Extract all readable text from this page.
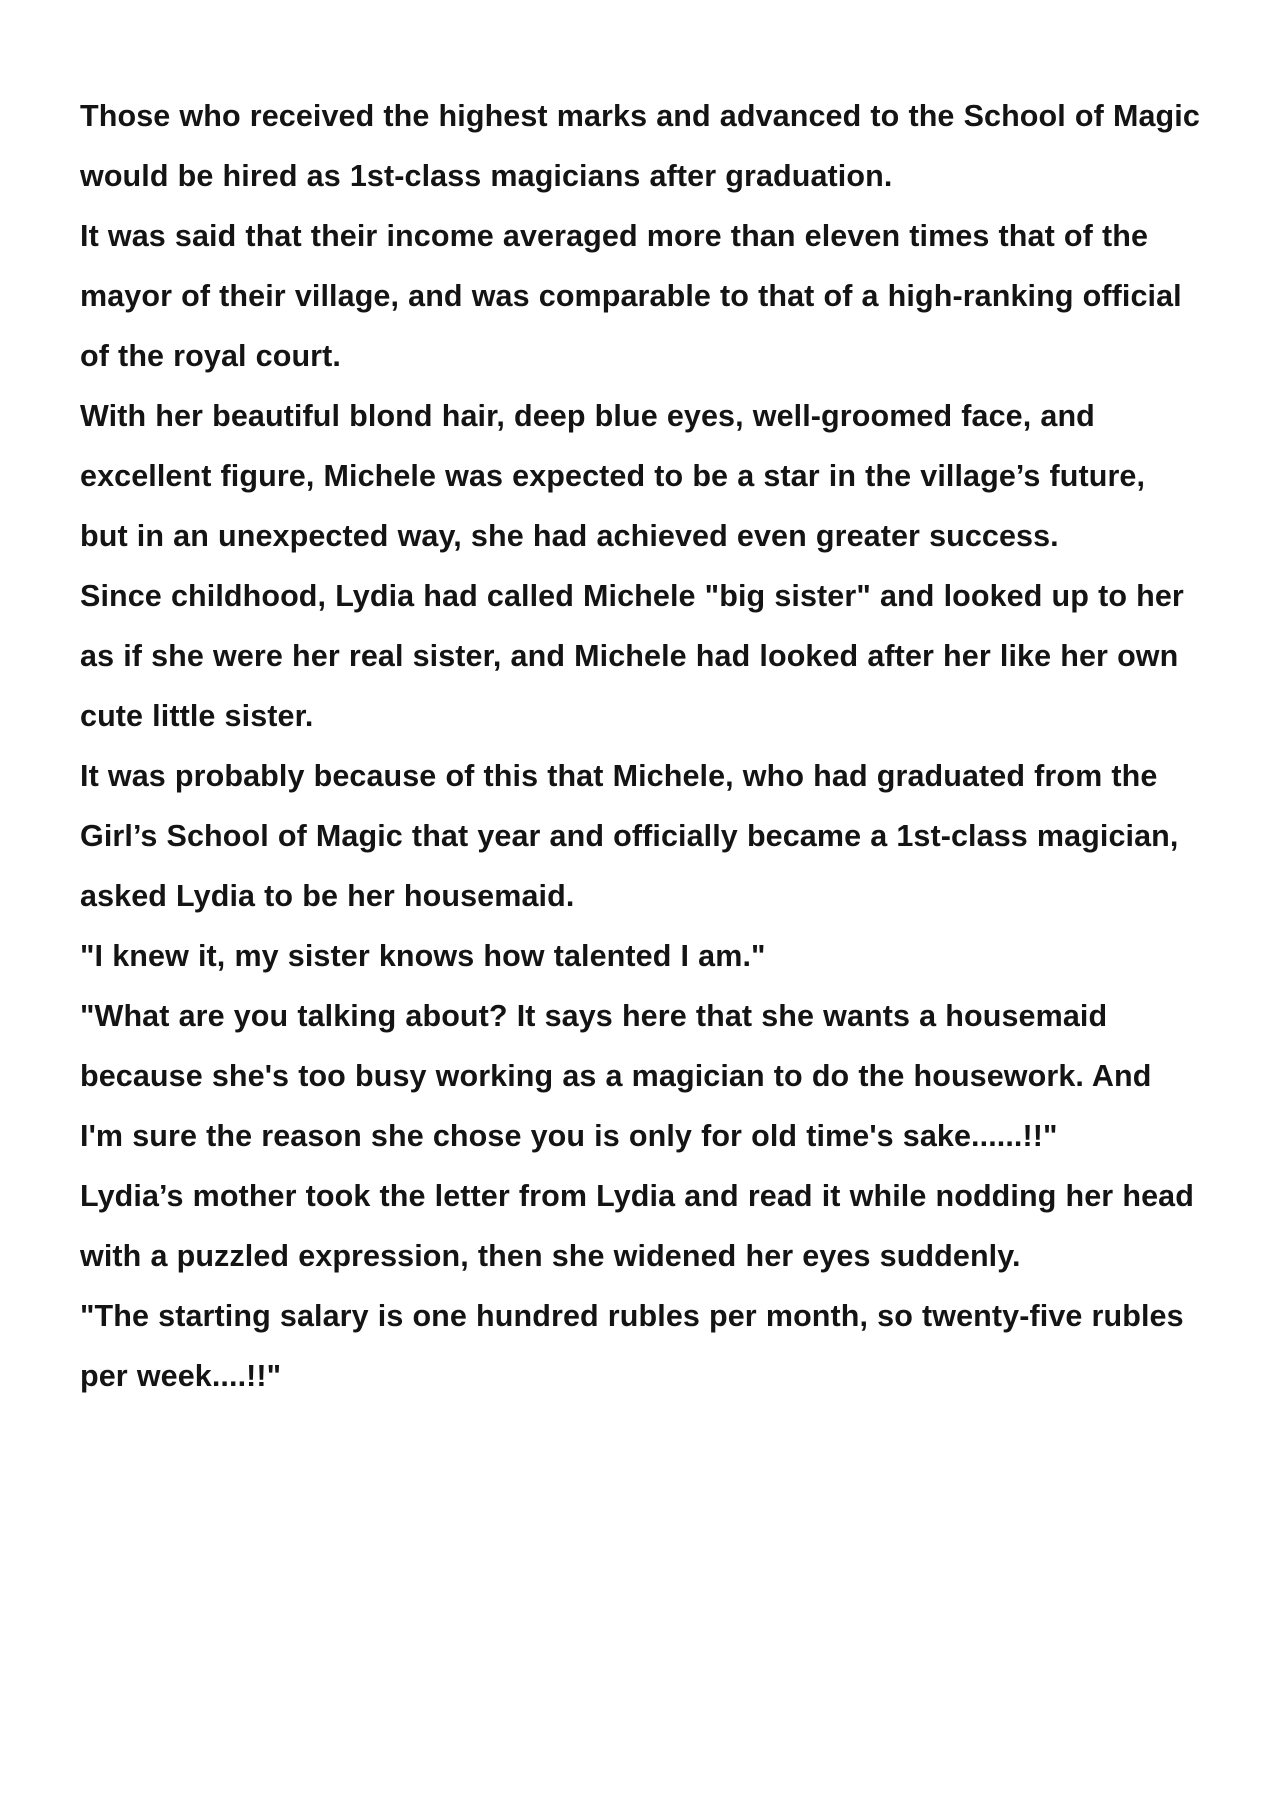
Those who received the highest marks and advanced to the School of Magic would be hired as 1st-class magicians after graduation.

It was said that their income averaged more than eleven times that of the mayor of their village, and was comparable to that of a high-ranking official of the royal court.

With her beautiful blond hair, deep blue eyes, well-groomed face, and excellent figure, Michele was expected to be a star in the village’s future, but in an unexpected way, she had achieved even greater success.

Since childhood, Lydia had called Michele "big sister" and looked up to her as if she were her real sister, and Michele had looked after her like her own cute little sister.

It was probably because of this that Michele, who had graduated from the Girl’s School of Magic that year and officially became a 1st-class magician, asked Lydia to be her housemaid.

"I knew it, my sister knows how talented I am."

"What are you talking about? It says here that she wants a housemaid because she's too busy working as a magician to do the housework. And I'm sure the reason she chose you is only for old time's sake......!!"

Lydia’s mother took the letter from Lydia and read it while nodding her head with a puzzled expression, then she widened her eyes suddenly.

"The starting salary is one hundred rubles per month, so twenty-five rubles per week....!!"
